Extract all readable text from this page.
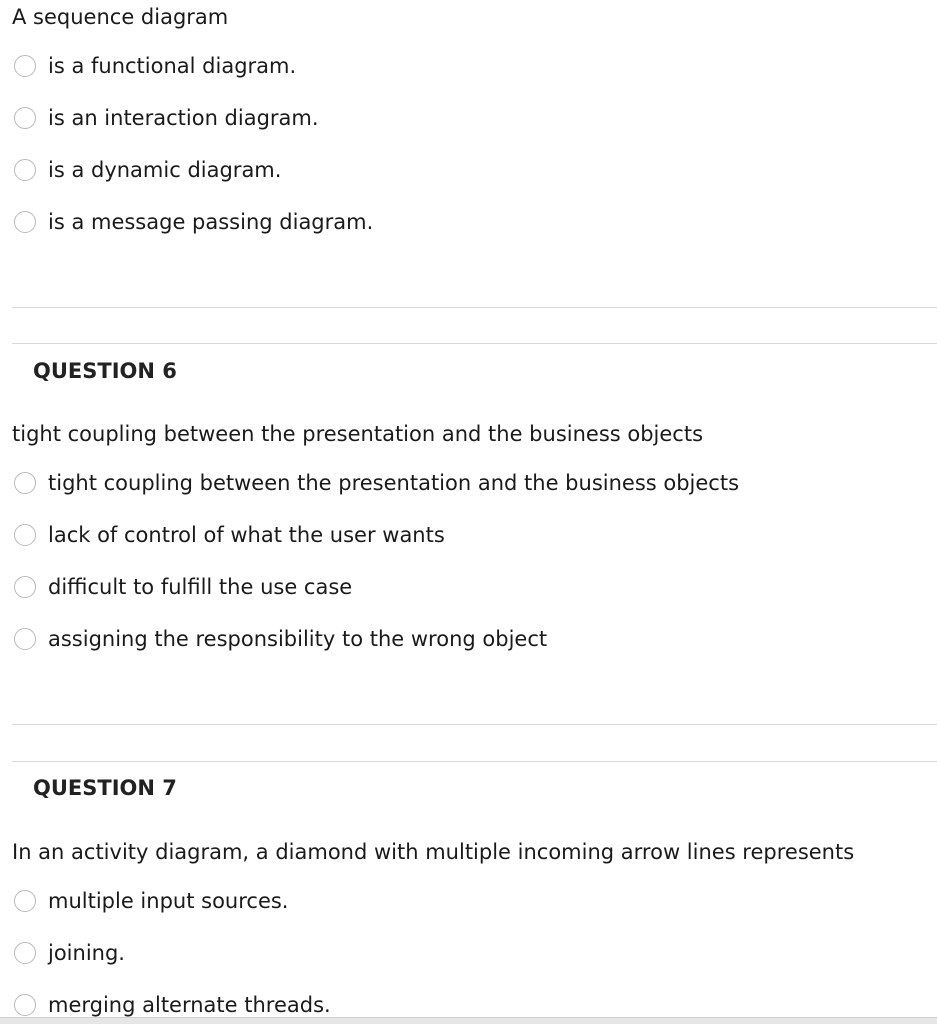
A sequence diagram
is a functional diagram.
is an interaction diagram.
is a dynamic diagram.
is a message passing diagram.
QUESTION 6
tight coupling between the presentation and the business objects
tight coupling between the presentation and the business objects
lack of control of what the user wants
difficult to fulfill the use case
assigning the responsibility to the wrong object
QUESTION 7
In an activity diagram, a diamond with multiple incoming arrow lines represents
multiple input sources.
joining.
merging alternate threads.
